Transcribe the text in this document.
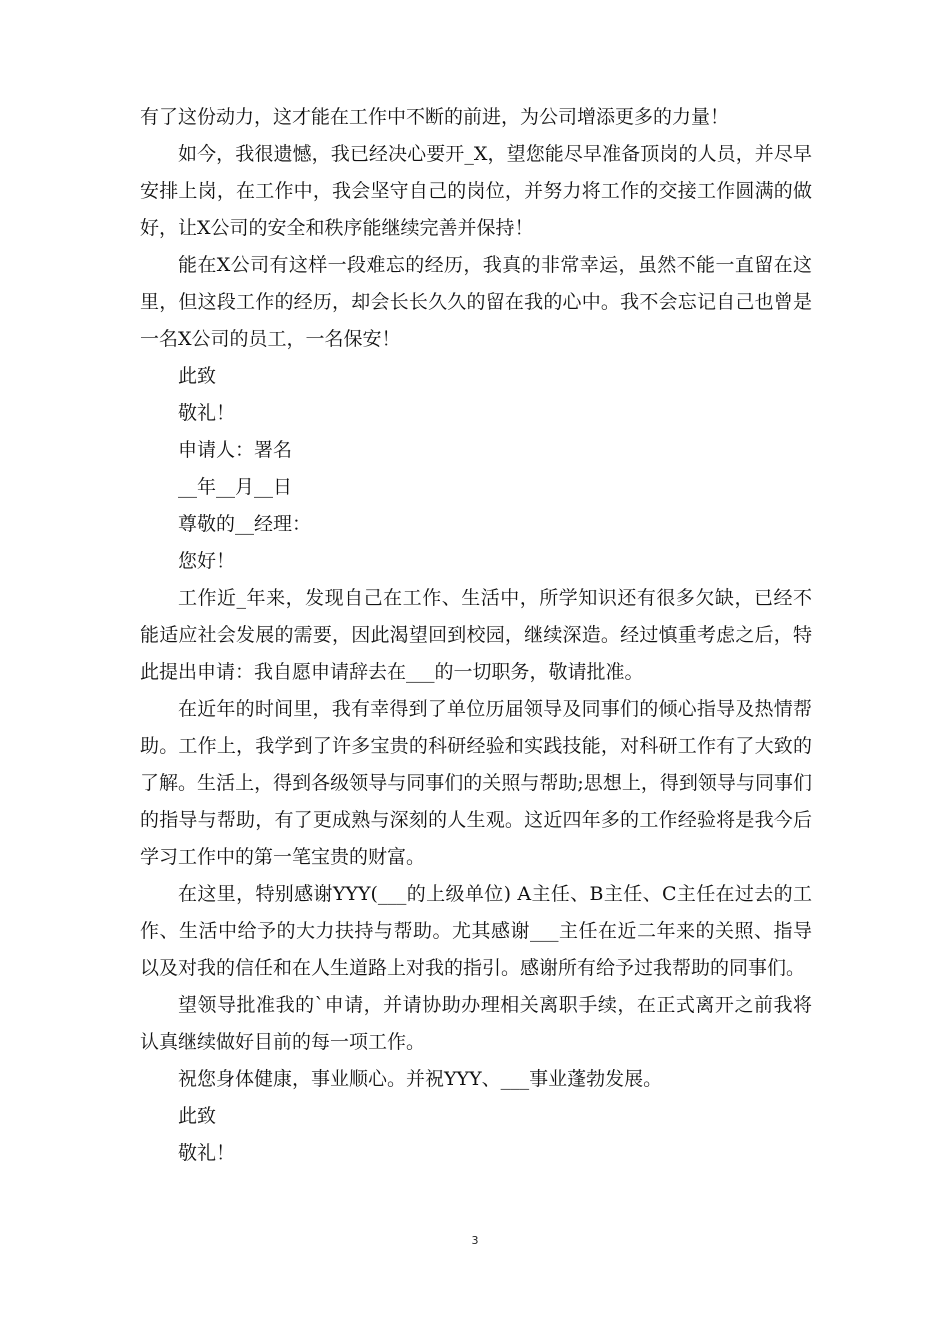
有了这份动力，这才能在工作中不断的前进，为公司增添更多的力量！

如今，我很遗憾，我已经决心要开_X，望您能尽早准备顶岗的人员，并尽早安排上岗，在工作中，我会坚守自己的岗位，并努力将工作的交接工作圆满的做好，让X公司的安全和秩序能继续完善并保持！

能在X公司有这样一段难忘的经历，我真的非常幸运，虽然不能一直留在这里，但这段工作的经历，却会长长久久的留在我的心中。我不会忘记自己也曾是一名X公司的员工，一名保安！

此致

敬礼！

申请人：署名

__年__月__日

尊敬的__经理：

您好！

工作近_年来，发现自己在工作、生活中，所学知识还有很多欠缺，已经不能适应社会发展的需要，因此渴望回到校园，继续深造。经过慎重考虑之后，特此提出申请：我自愿申请辞去在___的一切职务，敬请批准。

在近年的时间里，我有幸得到了单位历届领导及同事们的倾心指导及热情帮助。工作上，我学到了许多宝贵的科研经验和实践技能，对科研工作有了大致的了解。生活上，得到各级领导与同事们的关照与帮助;思想上，得到领导与同事们的指导与帮助，有了更成熟与深刻的人生观。这近四年多的工作经验将是我今后学习工作中的第一笔宝贵的财富。

在这里，特别感谢YYY(___的上级单位) A主任、B主任、C主任在过去的工作、生活中给予的大力扶持与帮助。尤其感谢___主任在近二年来的关照、指导以及对我的信任和在人生道路上对我的指引。感谢所有给予过我帮助的同事们。

望领导批准我的`申请，并请协助办理相关离职手续，在正式离开之前我将认真继续做好目前的每一项工作。

祝您身体健康，事业顺心。并祝YYY、___事业蓬勃发展。

此致

敬礼！

3
